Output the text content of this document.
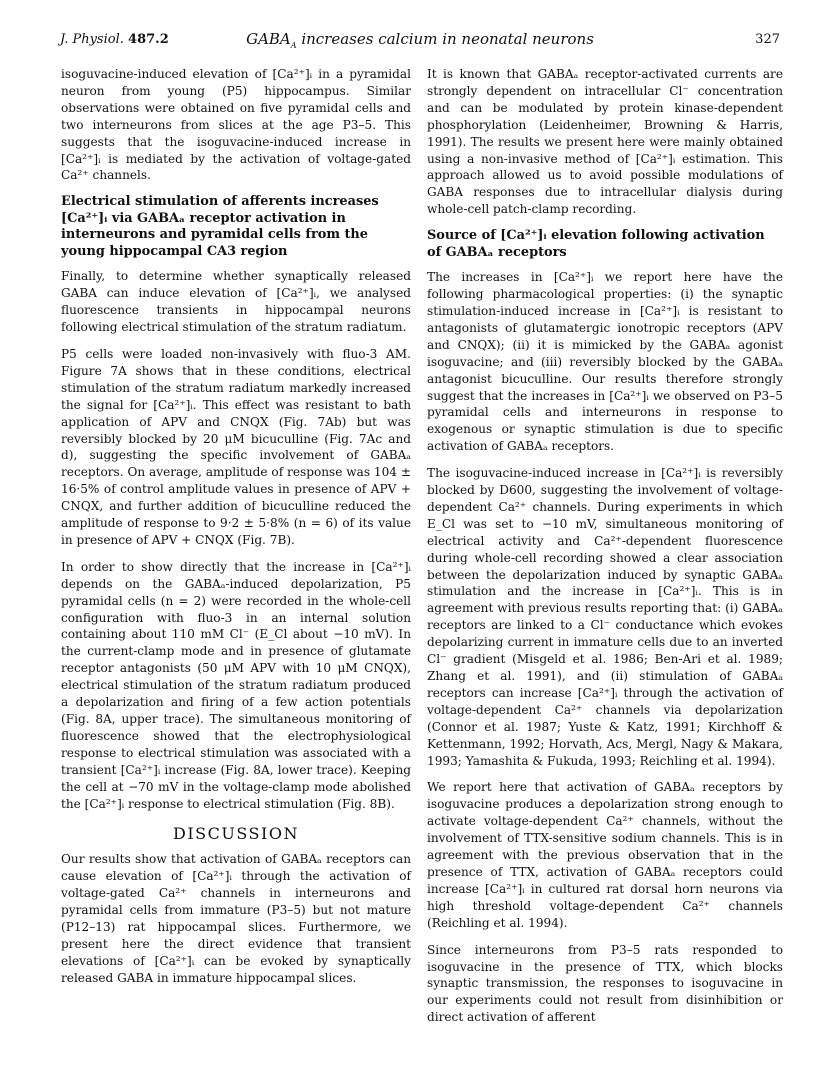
J. Physiol. 487.2	$GABA_A$ increases calcium in neonatal neurons	327

isoguvacine-induced elevation of [Ca²⁺]ᵢ in a pyramidal neuron from young (P5) hippocampus. Similar observations were obtained on five pyramidal cells and two interneurons from slices at the age P3–5. This suggests that the isoguvacine-induced increase in [Ca²⁺]ᵢ is mediated by the activation of voltage-gated Ca²⁺ channels.

Electrical stimulation of afferents increases [Ca²⁺]ᵢ via GABAₐ receptor activation in interneurons and pyramidal cells from the young hippocampal CA3 region

Finally, to determine whether synaptically released GABA can induce elevation of [Ca²⁺]ᵢ, we analysed fluorescence transients in hippocampal neurons following electrical stimulation of the stratum radiatum.

P5 cells were loaded non-invasively with fluo-3 AM. Figure 7A shows that in these conditions, electrical stimulation of the stratum radiatum markedly increased the signal for [Ca²⁺]ᵢ. This effect was resistant to bath application of APV and CNQX (Fig. 7Ab) but was reversibly blocked by 20 μM bicuculline (Fig. 7Ac and d), suggesting the specific involvement of GABAₐ receptors. On average, amplitude of response was 104 ± 16·5% of control amplitude values in presence of APV + CNQX, and further addition of bicuculline reduced the amplitude of response to 9·2 ± 5·8% (n = 6) of its value in presence of APV + CNQX (Fig. 7B).

In order to show directly that the increase in [Ca²⁺]ᵢ depends on the GABAₐ-induced depolarization, P5 pyramidal cells (n = 2) were recorded in the whole-cell configuration with fluo-3 in an internal solution containing about 110 mM Cl⁻ (E_Cl about −10 mV). In the current-clamp mode and in presence of glutamate receptor antagonists (50 μM APV with 10 μM CNQX), electrical stimulation of the stratum radiatum produced a depolarization and firing of a few action potentials (Fig. 8A, upper trace). The simultaneous monitoring of fluorescence showed that the electrophysiological response to electrical stimulation was associated with a transient [Ca²⁺]ᵢ increase (Fig. 8A, lower trace). Keeping the cell at −70 mV in the voltage-clamp mode abolished the [Ca²⁺]ᵢ response to electrical stimulation (Fig. 8B).

DISCUSSION

Our results show that activation of GABAₐ receptors can cause elevation of [Ca²⁺]ᵢ through the activation of voltage-gated Ca²⁺ channels in interneurons and pyramidal cells from immature (P3–5) but not mature (P12–13) rat hippocampal slices. Furthermore, we present here the direct evidence that transient elevations of [Ca²⁺]ᵢ can be evoked by synaptically released GABA in immature hippocampal slices.

It is known that GABAₐ receptor-activated currents are strongly dependent on intracellular Cl⁻ concentration and can be modulated by protein kinase-dependent phosphorylation (Leidenheimer, Browning & Harris, 1991). The results we present here were mainly obtained using a non-invasive method of [Ca²⁺]ᵢ estimation. This approach allowed us to avoid possible modulations of GABA responses due to intracellular dialysis during whole-cell patch-clamp recording.

Source of [Ca²⁺]ᵢ elevation following activation of GABAₐ receptors

The increases in [Ca²⁺]ᵢ we report here have the following pharmacological properties: (i) the synaptic stimulation-induced increase in [Ca²⁺]ᵢ is resistant to antagonists of glutamatergic ionotropic receptors (APV and CNQX); (ii) it is mimicked by the GABAₐ agonist isoguvacine; and (iii) reversibly blocked by the GABAₐ antagonist bicuculline. Our results therefore strongly suggest that the increases in [Ca²⁺]ᵢ we observed on P3–5 pyramidal cells and interneurons in response to exogenous or synaptic stimulation is due to specific activation of GABAₐ receptors.

The isoguvacine-induced increase in [Ca²⁺]ᵢ is reversibly blocked by D600, suggesting the involvement of voltage-dependent Ca²⁺ channels. During experiments in which E_Cl was set to −10 mV, simultaneous monitoring of electrical activity and Ca²⁺-dependent fluorescence during whole-cell recording showed a clear association between the depolarization induced by synaptic GABAₐ stimulation and the increase in [Ca²⁺]ᵢ. This is in agreement with previous results reporting that: (i) GABAₐ receptors are linked to a Cl⁻ conductance which evokes depolarizing current in immature cells due to an inverted Cl⁻ gradient (Misgeld et al. 1986; Ben-Ari et al. 1989; Zhang et al. 1991), and (ii) stimulation of GABAₐ receptors can increase [Ca²⁺]ᵢ through the activation of voltage-dependent Ca²⁺ channels via depolarization (Connor et al. 1987; Yuste & Katz, 1991; Kirchhoff & Kettenmann, 1992; Horvath, Acs, Mergl, Nagy & Makara, 1993; Yamashita & Fukuda, 1993; Reichling et al. 1994).

We report here that activation of GABAₐ receptors by isoguvacine produces a depolarization strong enough to activate voltage-dependent Ca²⁺ channels, without the involvement of TTX-sensitive sodium channels. This is in agreement with the previous observation that in the presence of TTX, activation of GABAₐ receptors could increase [Ca²⁺]ᵢ in cultured rat dorsal horn neurons via high threshold voltage-dependent Ca²⁺ channels (Reichling et al. 1994).

Since interneurons from P3–5 rats responded to isoguvacine in the presence of TTX, which blocks synaptic transmission, the responses to isoguvacine in our experiments could not result from disinhibition or direct activation of afferent
